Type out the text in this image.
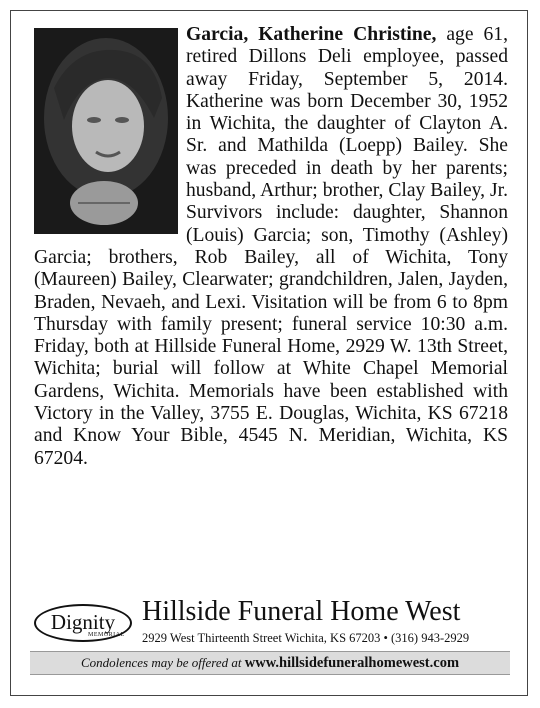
Garcia, Katherine Christine, age 61, retired Dillons Deli employee, passed away Friday, September 5, 2014. Katherine was born December 30, 1952 in Wichita, the daughter of Clayton A. Sr. and Mathilda (Loepp) Bailey. She was preceded in death by her parents; husband, Arthur; brother, Clay Bailey, Jr. Survivors include: daughter, Shannon (Louis) Garcia; son, Timothy (Ashley) Garcia; brothers, Rob Bailey, all of Wichita, Tony (Maureen) Bailey, Clearwater; grandchildren, Jalen, Jayden, Braden, Nevaeh, and Lexi. Visitation will be from 6 to 8pm Thursday with family present; funeral service 10:30 a.m. Friday, both at Hillside Funeral Home, 2929 W. 13th Street, Wichita; burial will follow at White Chapel Memorial Gardens, Wichita. Memorials have been established with Victory in the Valley, 3755 E. Douglas, Wichita, KS 67218 and Know Your Bible, 4545 N. Meridian, Wichita, KS 67204.
Dignity
MEMORIAL
Hillside Funeral Home West
2929 West Thirteenth Street Wichita, KS 67203 • (316) 943-2929
Condolences may be offered at www.hillsidefuneralhomewest.com
